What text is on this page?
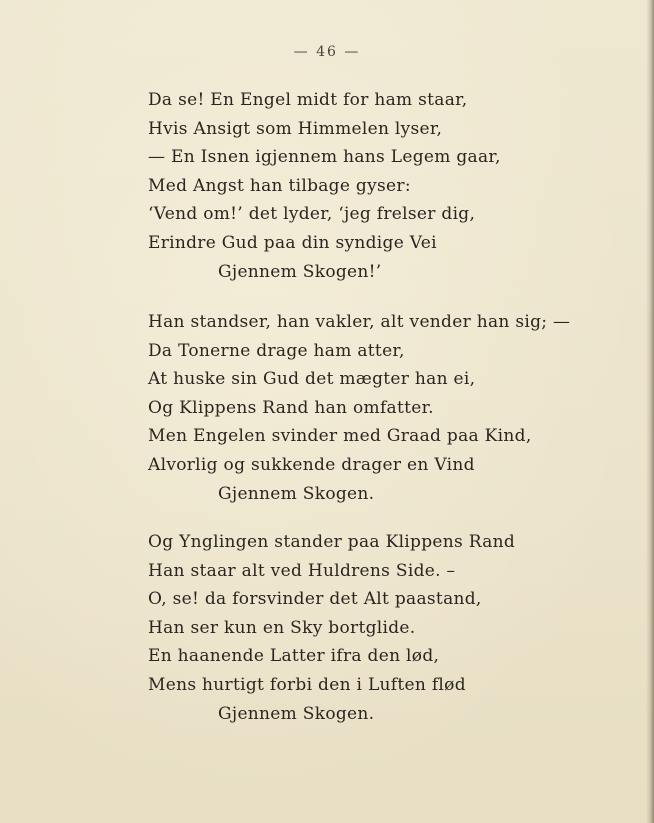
— 46 —
Da se! En Engel midt for ham staar,
Hvis Ansigt som Himmelen lyser,
— En Isnen igjennem hans Legem gaar,
Med Angst han tilbage gyser:
‘Vend om!’ det lyder, ‘jeg frelser dig,
Erindre Gud paa din syndige Vei
Gjennem Skogen!’
Han standser, han vakler, alt vender han sig; —
Da Tonerne drage ham atter,
At huske sin Gud det mægter han ei,
Og Klippens Rand han omfatter.
Men Engelen svinder med Graad paa Kind,
Alvorlig og sukkende drager en Vind
Gjennem Skogen.
Og Ynglingen stander paa Klippens Rand
Han staar alt ved Huldrens Side. –
O, se! da forsvinder det Alt paastand,
Han ser kun en Sky bortglide.
En haanende Latter ifra den lød,
Mens hurtigt forbi den i Luften flød
Gjennem Skogen.
